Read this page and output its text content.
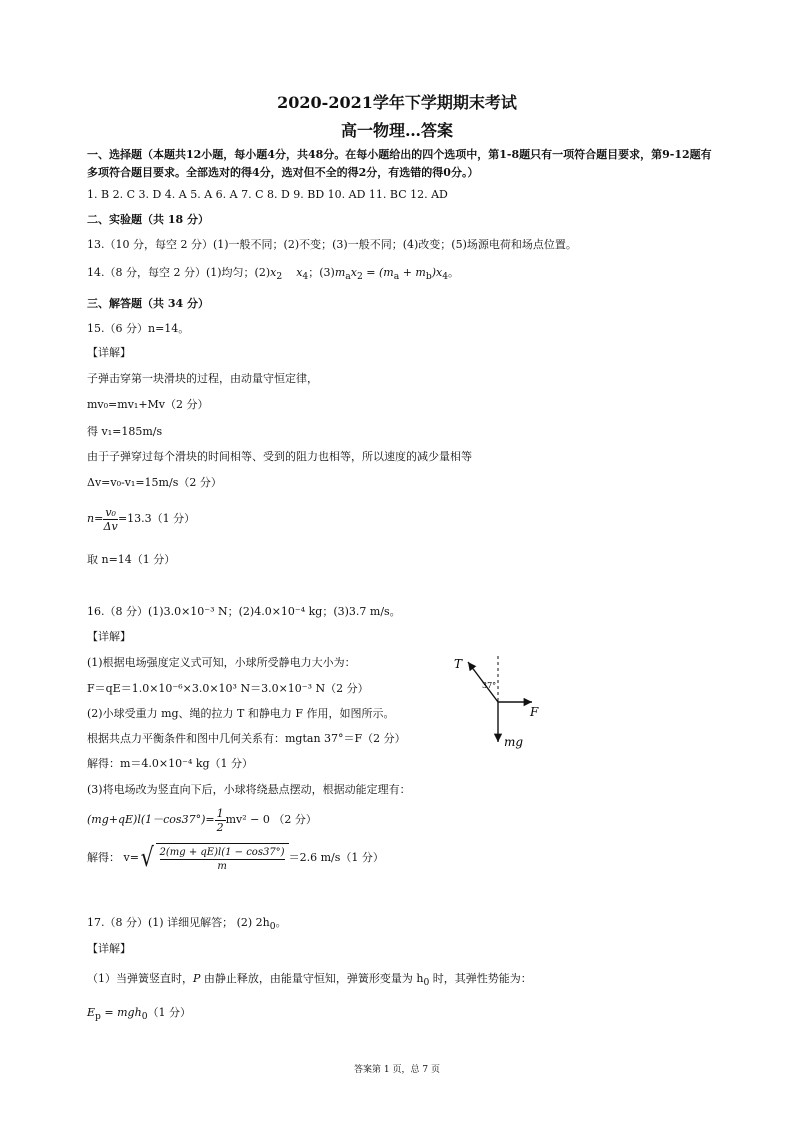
2020-2021学年下学期期末考试
高一物理…答案
一、选择题（本题共12小题，每小题4分，共48分。在每小题给出的四个选项中，第1-8题只有一项符合题目要求，第9-12题有多项符合题目要求。全部选对的得4分，选对但不全的得2分，有选错的得0分。）
1. B 2. C 3. D 4. A 5. A 6. A 7. C 8. D 9. BD 10. AD 11. BC 12. AD
二、实验题（共 18 分）
13.（10 分，每空 2 分）(1)一般不同；(2)不变；(3)一般不同；(4)改变；(5)场源电荷和场点位置。
14.（8 分，每空 2 分）(1)均匀；$(2)x_2$ $x_4$；$(3)m_ax_2 = (m_a + m_b)x_4$。
三、解答题（共 34 分）
15.（6 分）n=14。
【详解】
子弹击穿第一块滑块的过程，由动量守恒定律，
mv₀=mv₁+Mv（2 分）
得 v₁=185m/s
由于子弹穿过每个滑块的时间相等、受到的阻力也相等，所以速度的减少量相等
Δv=v₀-v₁=15m/s（2 分）
$n= \frac{\text{v₀}}{\Delta v} =13.3(1$ 分）
取 n=14（1 分）
16.（8 分）(1)3.0×10⁻³ N；(2)4.0×10⁻⁴ kg；(3)3.7 m/s。
【详解】
(1)根据电场强度定义式可知，小球所受静电力大小为：
F＝qE＝1.0×10⁻⁶×3.0×10³ N＝3.0×10⁻³ N（2 分）
(2)小球受重力 mg、绳的拉力 T 和静电力 F 作用，如图所示。
根据共点力平衡条件和图中几何关系有：mgtan 37°＝F（2 分）
解得：m＝4.0×10⁻⁴ kg（1 分）
(3)将电场改为竖直向下后，小球将绕悬点摆动，根据动能定理有：
$(mg+qE)l(1-\cos 37^\circ)= \frac{1}{2} mv^2 - 0$ （2 分）
解得： $v=√ \frac{2(mg + qE)l(1 - \cos 37^\circ)}{m} =2.6$ m/s（1 分）
T
37°
F
mg
17.（8 分）(1) 详细见解答； (2) $2h_0$。
【详解】
（1）当弹簧竖直时，P 由静止释放，由能量守恒知，弹簧形变量为 $h_0$ 时，其弹性势能为：
$E_p = mgh_0(1$ 分）
答案第 1 页，总 7 页
